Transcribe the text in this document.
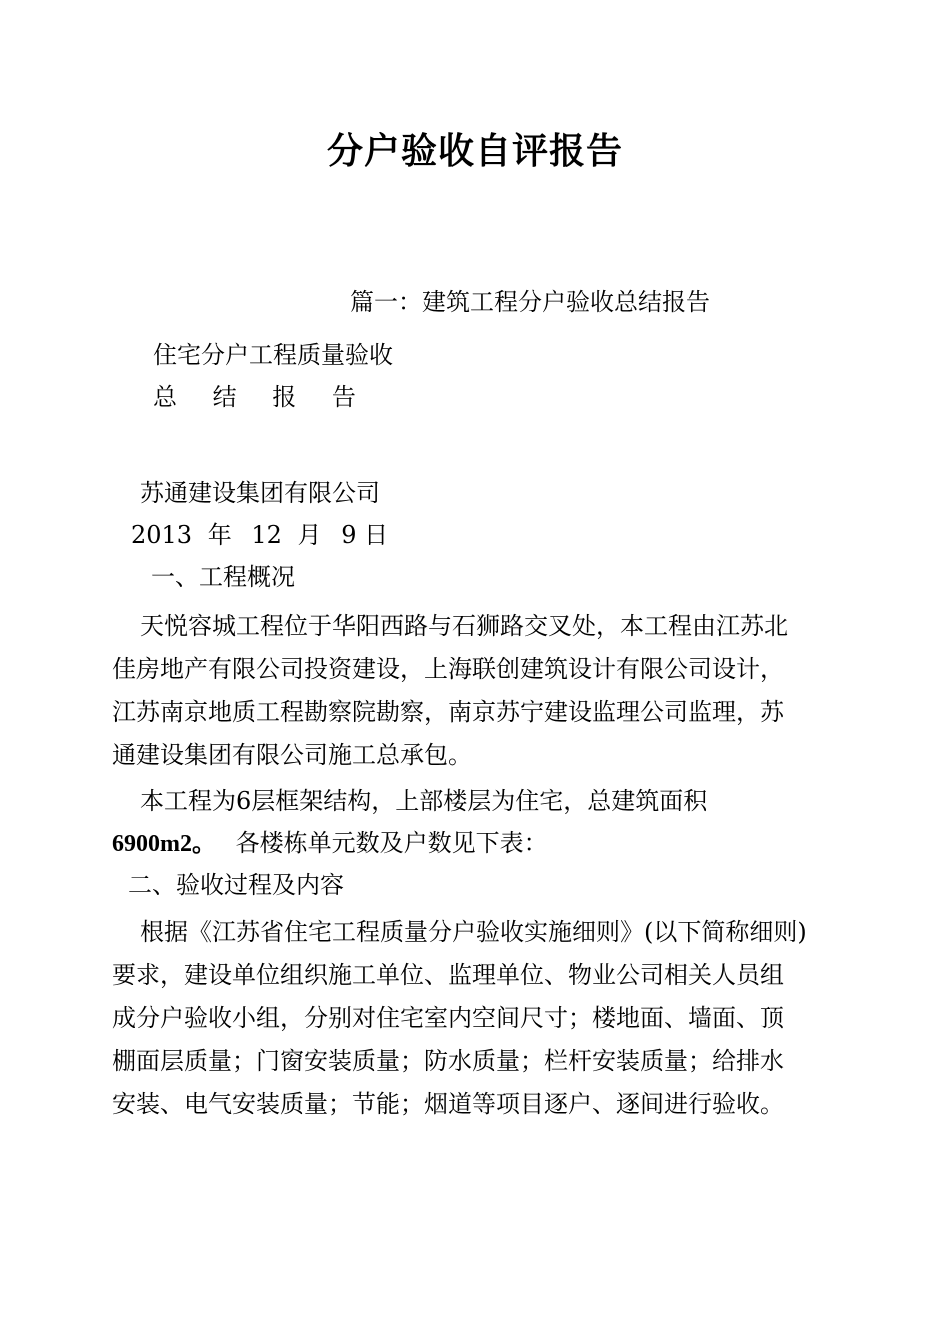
分户验收自评报告
篇一：建筑工程分户验收总结报告
住宅分户工程质量验收
总 结 报 告
苏通建设集团有限公司
2013 年 12 月 9 日
一、工程概况
天悦容城工程位于华阳西路与石狮路交叉处，本工程由江苏北
佳房地产有限公司投资建设，上海联创建筑设计有限公司设计，
江苏南京地质工程勘察院勘察，南京苏宁建设监理公司监理，苏
通建设集团有限公司施工总承包。
本工程为6层框架结构，上部楼层为住宅，总建筑面积
6900m2。 各楼栋单元数及户数见下表：
二、验收过程及内容
根据《江苏省住宅工程质量分户验收实施细则》(以下简称细则)
要求，建设单位组织施工单位、监理单位、物业公司相关人员组
成分户验收小组，分别对住宅室内空间尺寸；楼地面、墙面、顶
棚面层质量；门窗安装质量；防水质量；栏杆安装质量；给排水
安装、电气安装质量；节能；烟道等项目逐户、逐间进行验收。
